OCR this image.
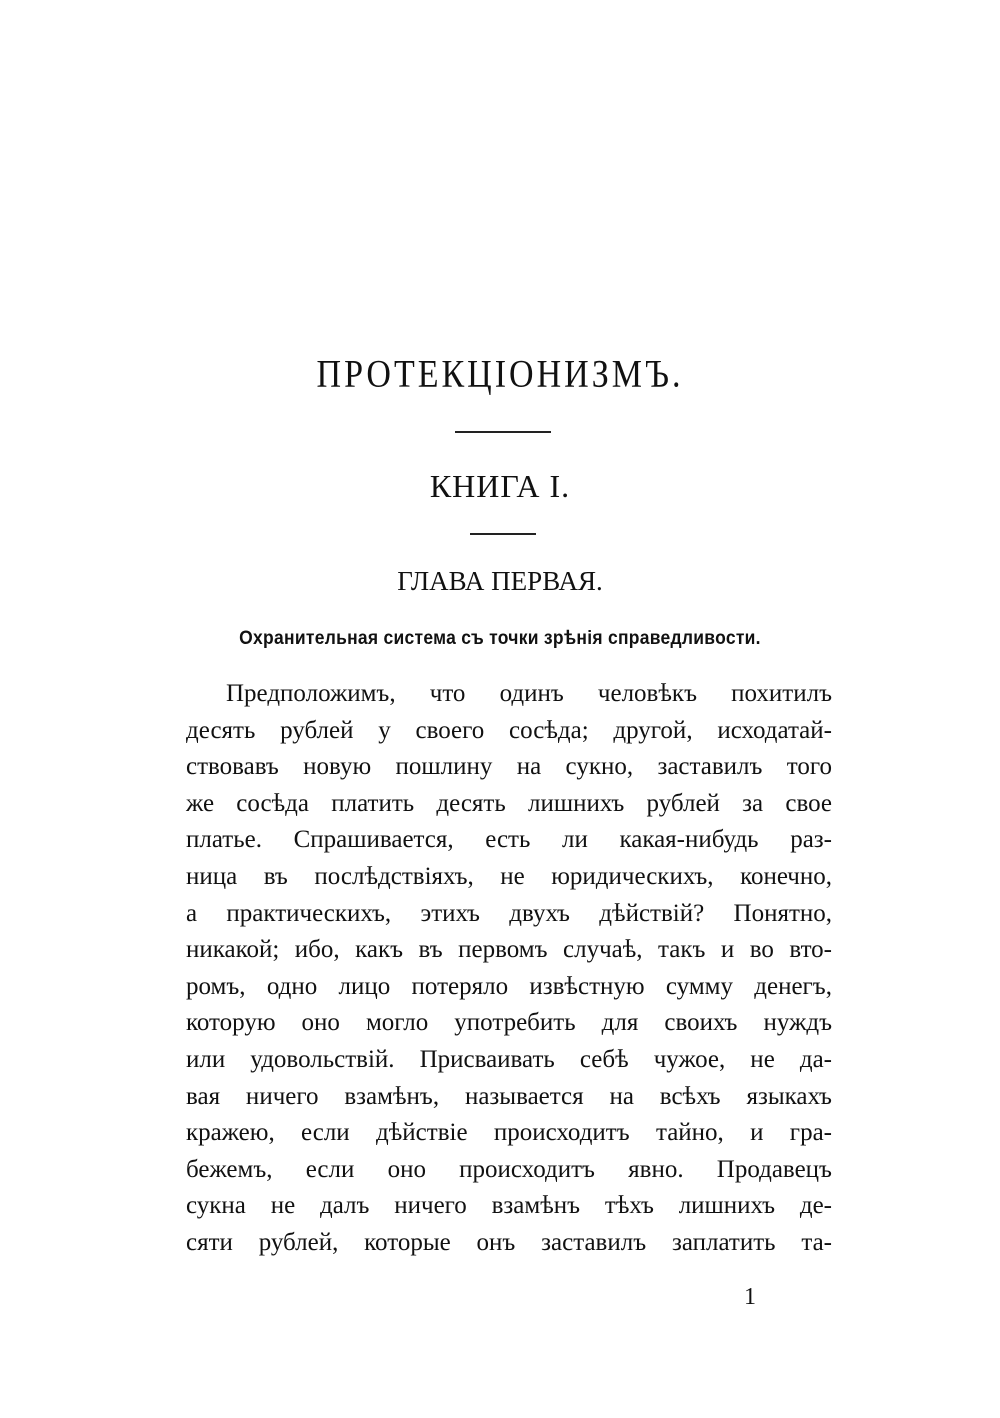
ПРОТЕКЦІОНИЗМЪ.
КНИГА I.
ГЛАВА ПЕРВАЯ.
Охранительная система съ точки зрѣнія справедливости.
Предположимъ, что одинъ человѣкъ похитилъ
десять рублей у своего сосѣда; другой, исходатай-
ствовавъ новую пошлину на сукно, заставилъ того
же сосѣда платить десять лишнихъ рублей за свое
платье. Спрашивается, есть ли какая-нибудь раз-
ница въ послѣдствіяхъ, не юридическихъ, конечно,
а практическихъ, этихъ двухъ дѣйствій? Понятно,
никакой; ибо, какъ въ первомъ случаѣ, такъ и во вто-
ромъ, одно лицо потеряло извѣстную сумму денегъ,
которую оно могло употребить для своихъ нуждъ
или удовольствій. Присваивать себѣ чужое, не да-
вая ничего взамѣнъ, называется на всѣхъ языкахъ
кражею, если дѣйствіе происходитъ тайно, и гра-
бежемъ, если оно происходитъ явно. Продавецъ
сукна не далъ ничего взамѣнъ тѣхъ лишнихъ де-
сяти рублей, которые онъ заставилъ заплатить та-
1
